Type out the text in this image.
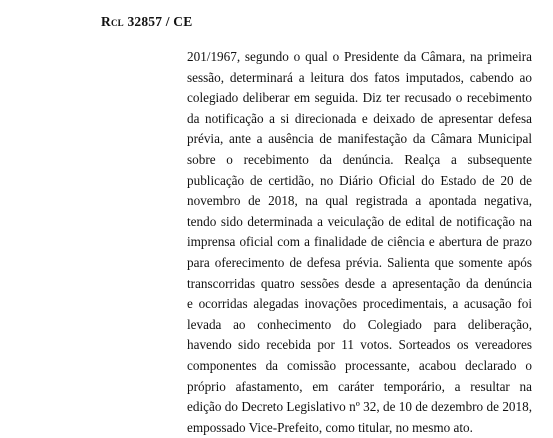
Rcl 32857 / CE
201/1967, segundo o qual o Presidente da Câmara, na primeira
sessão, determinará a leitura dos fatos imputados, cabendo ao
colegiado deliberar em seguida. Diz ter recusado o recebimento
da notificação a si direcionada e deixado de apresentar defesa
prévia, ante a ausência de manifestação da Câmara Municipal
sobre o recebimento da denúncia. Realça a subsequente
publicação de certidão, no Diário Oficial do Estado de 20 de
novembro de 2018, na qual registrada a apontada negativa,
tendo sido determinada a veiculação de edital de notificação na
imprensa oficial com a finalidade de ciência e abertura de prazo
para oferecimento de defesa prévia. Salienta que somente após
transcorridas quatro sessões desde a apresentação da denúncia
e ocorridas alegadas inovações procedimentais, a acusação foi
levada ao conhecimento do Colegiado para deliberação,
havendo sido recebida por 11 votos. Sorteados os vereadores
componentes da comissão processante, acabou declarado o
próprio afastamento, em caráter temporário, a resultar na
edição do Decreto Legislativo nº 32, de 10 de dezembro de 2018,
empossado Vice-Prefeito, como titular, no mesmo ato.
